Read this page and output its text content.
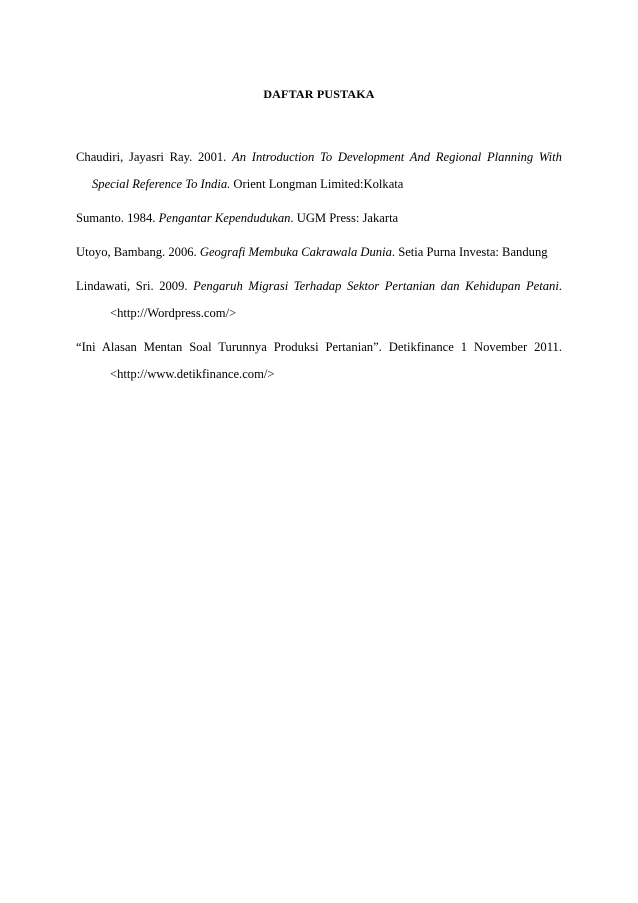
DAFTAR PUSTAKA
Chaudiri, Jayasri Ray. 2001. An Introduction To Development And Regional Planning With
Special Reference To India. Orient Longman Limited:Kolkata
Sumanto. 1984. Pengantar Kependudukan. UGM Press: Jakarta
Utoyo, Bambang. 2006. Geografi Membuka Cakrawala Dunia. Setia Purna Investa: Bandung
Lindawati, Sri. 2009. Pengaruh Migrasi Terhadap Sektor Pertanian dan Kehidupan Petani.
<http://Wordpress.com/>
“Ini Alasan Mentan Soal Turunnya Produksi Pertanian”. Detikfinance 1 November 2011.
<http://www.detikfinance.com/>
